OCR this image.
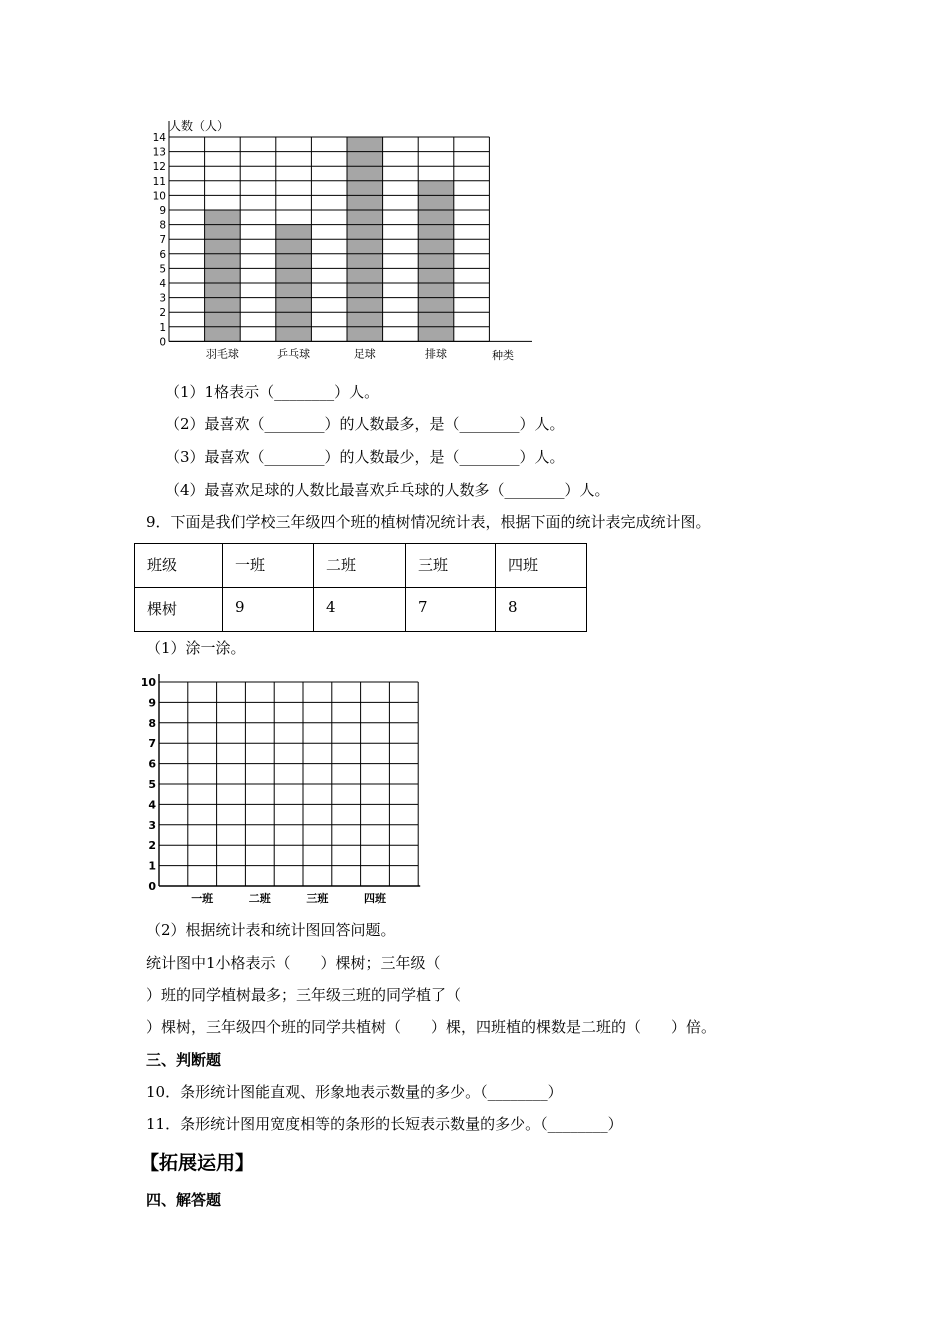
0
1
2
3
4
5
6
7
8
9
10
11
12
13
14
羽毛球	乒乓球	足球	排球
人数（人）
种类
（1）1格表示（________）人。
（2）最喜欢（________）的人数最多，是（________）人。
（3）最喜欢（________）的人数最少，是（________）人。
（4）最喜欢足球的人数比最喜欢乒乓球的人数多（________）人。
9．下面是我们学校三年级四个班的植树情况统计表，根据下面的统计表完成统计图。
班级	一班	二班	三班	四班
棵树	9	4	7	8
（1）涂一涂。
0
1
2
3
4
5
6
7
8
9
10
一班	二班	三班	四班
（2）根据统计表和统计图回答问题。
统计图中1小格表示（　　）棵树；三年级（
）班的同学植树最多；三年级三班的同学植了（
）棵树，三年级四个班的同学共植树（　　）棵，四班植的棵数是二班的（　　）倍。
三、判断题
10．条形统计图能直观、形象地表示数量的多少。（________）
11．条形统计图用宽度相等的条形的长短表示数量的多少。（________）
【拓展运用】
四、解答题
